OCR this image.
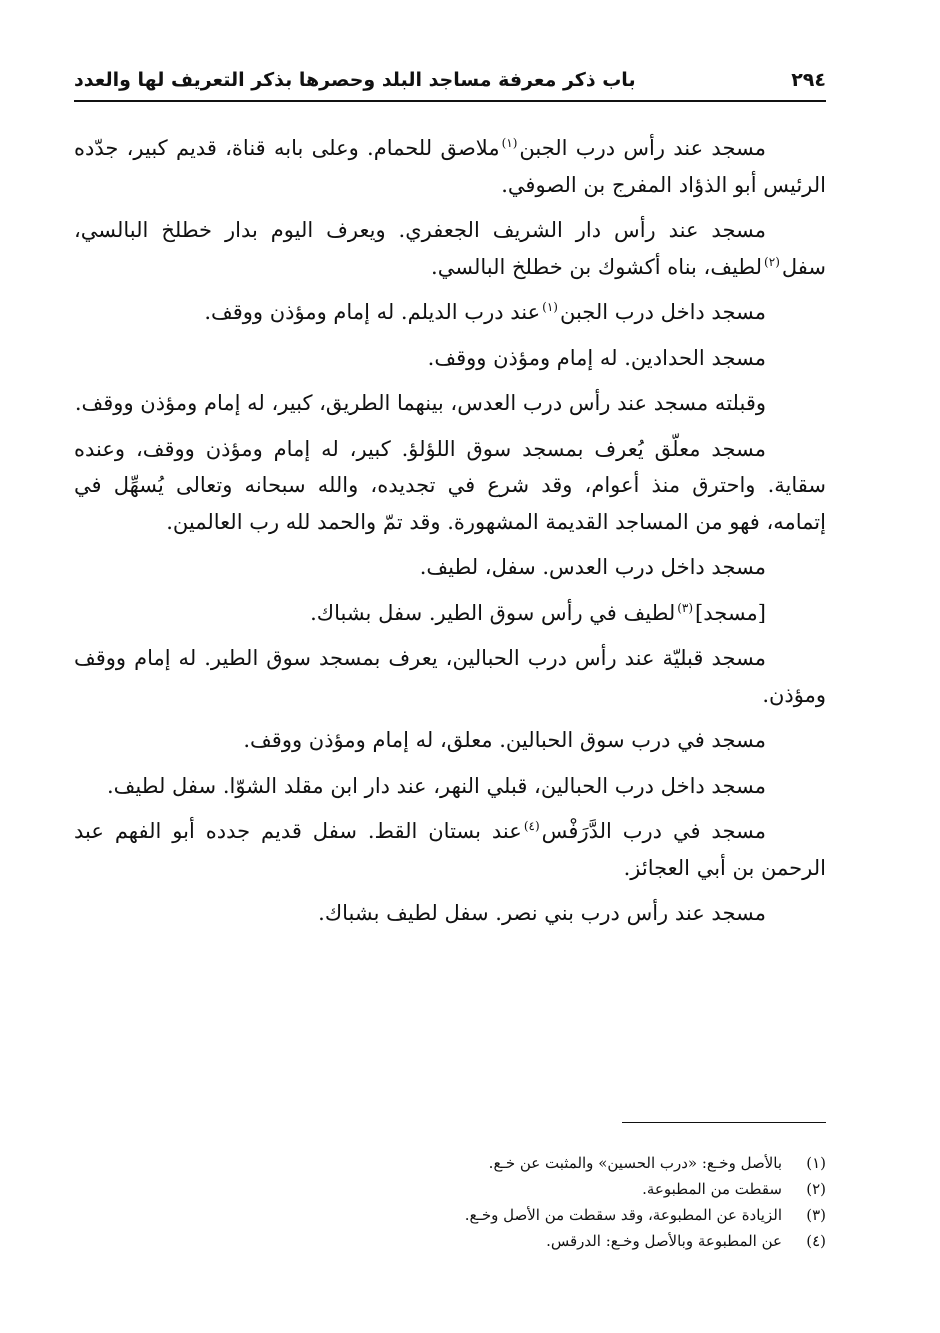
٢٩٤
باب ذكر معرفة مساجد البلد وحصرها بذكر التعريف لها والعدد

مسجد عند رأس درب الجبن$^{(١)}$ملاصق للحمام. وعلى بابه قناة، قديم كبير، جدّده الرئيس أبو الذؤاد المفرج بن الصوفي.

مسجد عند رأس دار الشريف الجعفري. ويعرف اليوم بدار خطلخ البالسي، سفل$^{(٢)}$لطيف، بناه أكشوك بن خطلخ البالسي.

مسجد داخل درب الجبن$^{(١)}$عند درب الديلم. له إمام ومؤذن ووقف.

مسجد الحدادين. له إمام ومؤذن ووقف.

وقبلته مسجد عند رأس درب العدس، بينهما الطريق، كبير، له إمام ومؤذن ووقف.

مسجد معلّق يُعرف بمسجد سوق اللؤلؤ. كبير، له إمام ومؤذن ووقف، وعنده سقاية. واحترق منذ أعوام، وقد شرع في تجديده، والله سبحانه وتعالى يُسهِّل في إتمامه، فهو من المساجد القديمة المشهورة. وقد تمّ والحمد لله رب العالمين.

مسجد داخل درب العدس. سفل، لطيف.

[مسجد]$^{(٣)}$لطيف في رأس سوق الطير. سفل بشباك.

مسجد قبليّة عند رأس درب الحبالين، يعرف بمسجد سوق الطير. له إمام ووقف ومؤذن.

مسجد في درب سوق الحبالين. معلق، له إمام ومؤذن ووقف.

مسجد داخل درب الحبالين، قبلي النهر، عند دار ابن مقلد الشوّا. سفل لطيف.

مسجد في درب الدَّرَفْس$^{(٤)}$عند بستان القط. سفل قديم جدده أبو الفهم عبد الرحمن بن أبي العجائز.

مسجد عند رأس درب بني نصر. سفل لطيف بشباك.

(١)
بالأصل وخـع: «درب الحسين» والمثبت عن خـع.
(٢)
سقطت من المطبوعة.
(٣)
الزيادة عن المطبوعة، وقد سقطت من الأصل وخـع.
(٤)
عن المطبوعة وبالأصل وخـع: الدرقس.
